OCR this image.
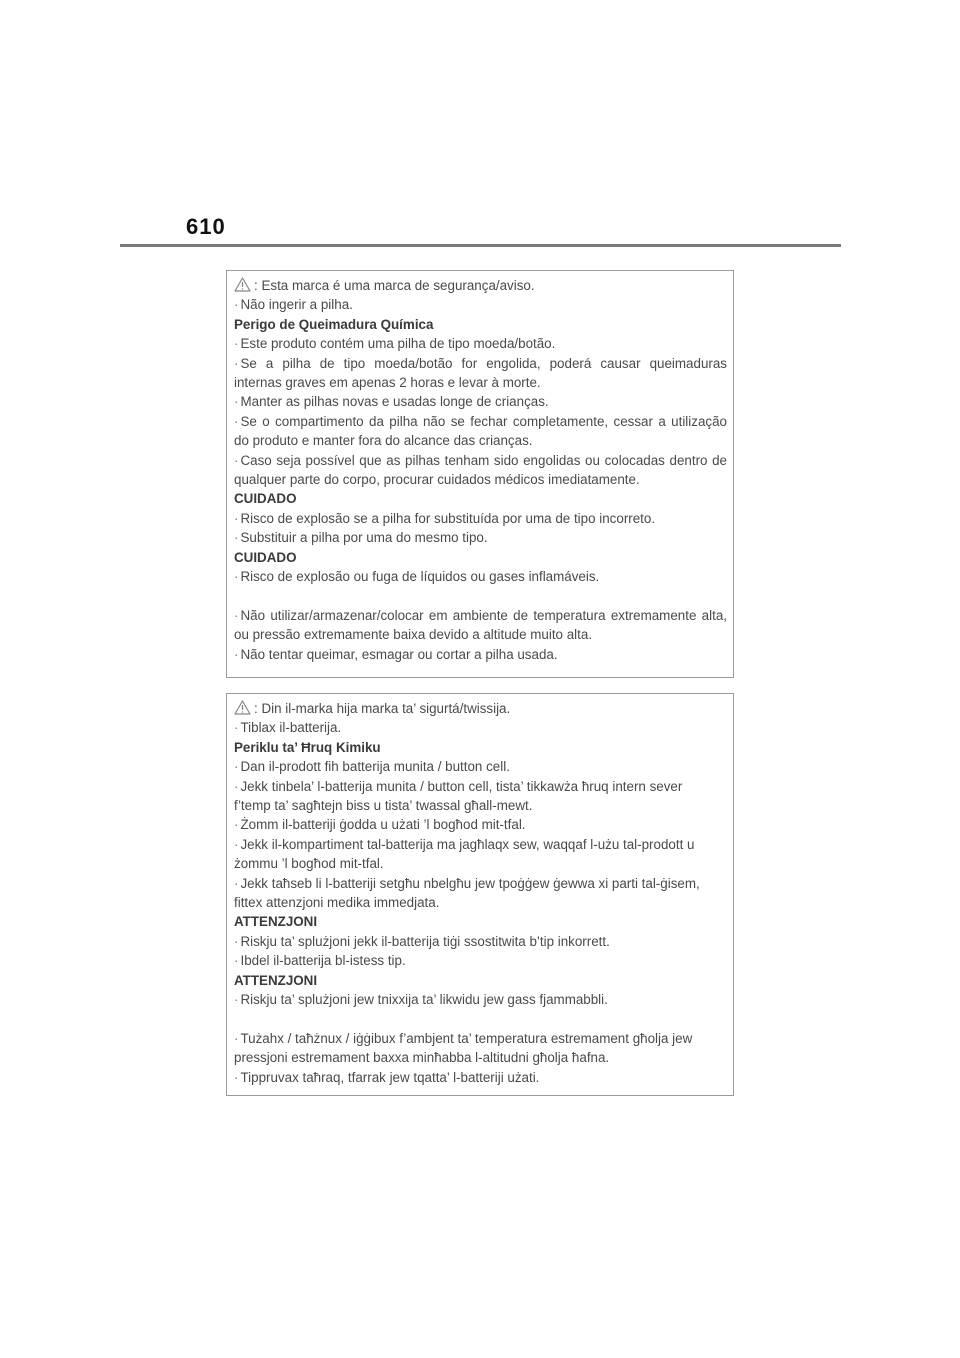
610
: Esta marca é uma marca de segurança/aviso.
· Não ingerir a pilha.
Perigo de Queimadura Química
· Este produto contém uma pilha de tipo moeda/botão.
· Se a pilha de tipo moeda/botão for engolida, poderá causar queimaduras
internas graves em apenas 2 horas e levar à morte.
· Manter as pilhas novas e usadas longe de crianças.
· Se o compartimento da pilha não se fechar completamente, cessar a utilização
do produto e manter fora do alcance das crianças.
· Caso seja possível que as pilhas tenham sido engolidas ou colocadas dentro de
qualquer parte do corpo, procurar cuidados médicos imediatamente.
CUIDADO
· Risco de explosão se a pilha for substituída por uma de tipo incorreto.
· Substituir a pilha por uma do mesmo tipo.
CUIDADO
· Risco de explosão ou fuga de líquidos ou gases inflamáveis.
· Não utilizar/armazenar/colocar em ambiente de temperatura extremamente alta,
ou pressão extremamente baixa devido a altitude muito alta.
· Não tentar queimar, esmagar ou cortar a pilha usada.
: Din il-marka hija marka ta’ sigurtá/twissija.
· Tiblax il-batterija.
Periklu ta’ Ħruq Kimiku
· Dan il-prodott fih batterija munita / button cell.
· Jekk tinbela’ l-batterija munita / button cell, tista’ tikkawża ħruq intern sever
f’temp ta’ sagħtejn biss u tista’ twassal għall-mewt.
· Żomm il-batteriji ġodda u użati ’l bogħod mit-tfal.
· Jekk il-kompartiment tal-batterija ma jagħlaqx sew, waqqaf l-użu tal-prodott u
żommu ’l bogħod mit-tfal.
· Jekk taħseb li l-batteriji setgħu nbelgħu jew tpoġġew ġewwa xi parti tal-ġisem,
fittex attenzjoni medika immedjata.
ATTENZJONI
· Riskju ta’ splużjoni jekk il-batterija tiġi ssostitwita b’tip inkorrett.
· Ibdel il-batterija bl-istess tip.
ATTENZJONI
· Riskju ta’ splużjoni jew tnixxija ta’ likwidu jew gass fjammabbli.
· Tużahx / taħżnux / iġġibux f’ambjent ta’ temperatura estremament għolja jew
pressjoni estremament baxxa minħabba l-altitudni għolja ħafna.
· Tippruvax taħraq, tfarrak jew tqatta’ l-batteriji użati.
